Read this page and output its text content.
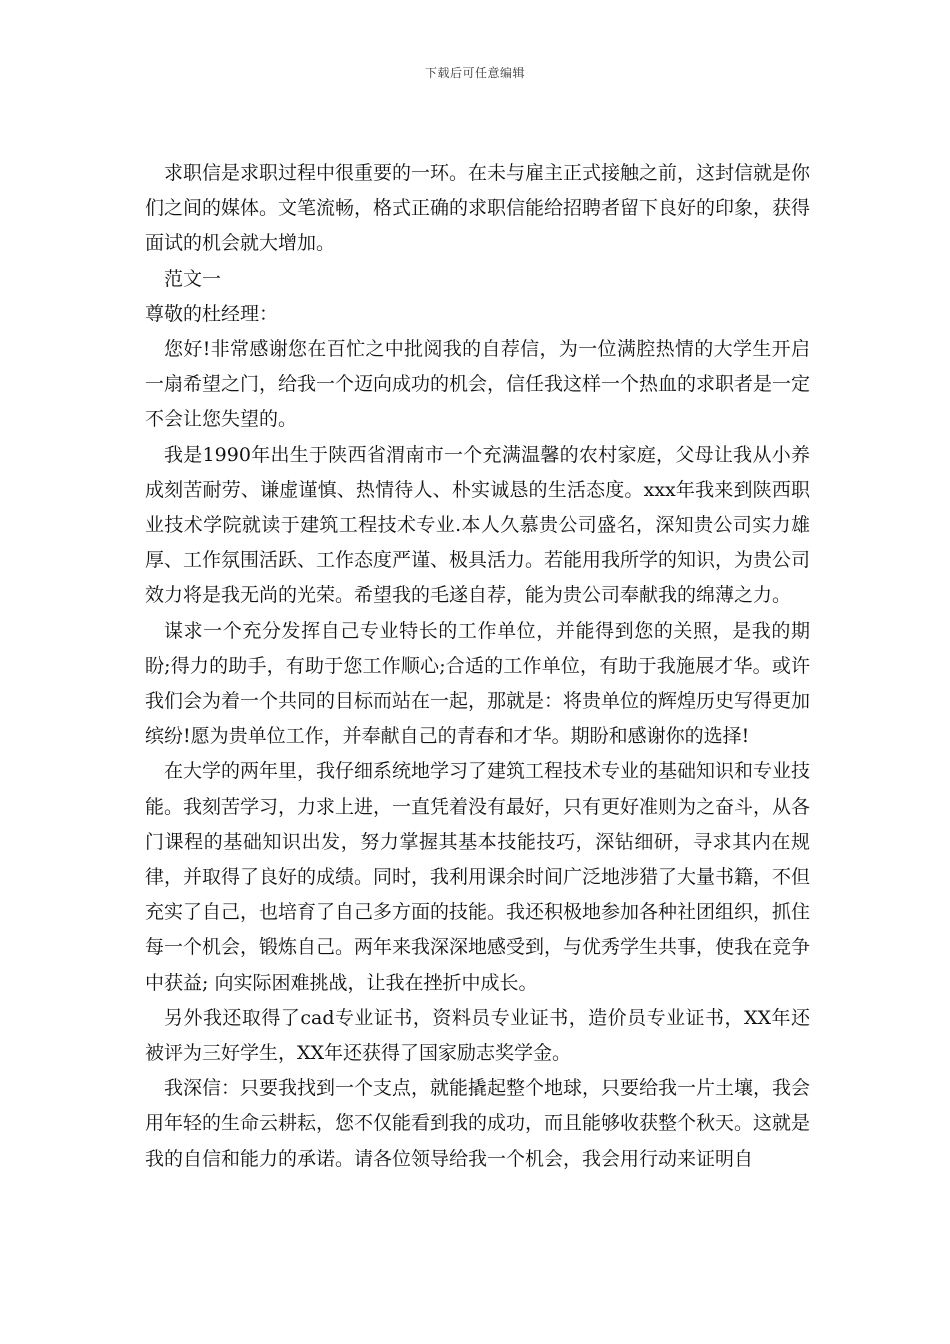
下载后可任意编辑

求职信是求职过程中很重要的一环。在未与雇主正式接触之前，这封信就是你们之间的媒体。文笔流畅，格式正确的求职信能给招聘者留下良好的印象，获得面试的机会就大增加。

范文一

尊敬的杜经理：

您好!非常感谢您在百忙之中批阅我的自荐信，为一位满腔热情的大学生开启一扇希望之门，给我一个迈向成功的机会，信任我这样一个热血的求职者是一定不会让您失望的。

我是1990年出生于陕西省渭南市一个充满温馨的农村家庭，父母让我从小养成刻苦耐劳、谦虚谨慎、热情待人、朴实诚恳的生活态度。xxx年我来到陕西职业技术学院就读于建筑工程技术专业.本人久慕贵公司盛名，深知贵公司实力雄厚、工作氛围活跃、工作态度严谨、极具活力。若能用我所学的知识，为贵公司效力将是我无尚的光荣。希望我的毛遂自荐，能为贵公司奉献我的绵薄之力。

谋求一个充分发挥自己专业特长的工作单位，并能得到您的关照，是我的期盼;得力的助手，有助于您工作顺心;合适的工作单位，有助于我施展才华。或许我们会为着一个共同的目标而站在一起，那就是：将贵单位的辉煌历史写得更加缤纷!愿为贵单位工作，并奉献自己的青春和才华。期盼和感谢你的选择!

在大学的两年里，我仔细系统地学习了建筑工程技术专业的基础知识和专业技能。我刻苦学习，力求上进，一直凭着没有最好，只有更好准则为之奋斗，从各门课程的基础知识出发，努力掌握其基本技能技巧，深钻细研，寻求其内在规律，并取得了良好的成绩。同时，我利用课余时间广泛地涉猎了大量书籍，不但充实了自己，也培育了自己多方面的技能。我还积极地参加各种社团组织，抓住每一个机会，锻炼自己。两年来我深深地感受到，与优秀学生共事，使我在竞争中获益; 向实际困难挑战，让我在挫折中成长。

另外我还取得了cad专业证书，资料员专业证书，造价员专业证书，XX年还被评为三好学生，XX年还获得了国家励志奖学金。

我深信：只要我找到一个支点，就能撬起整个地球，只要给我一片土壤，我会用年轻的生命云耕耘，您不仅能看到我的成功，而且能够收获整个秋天。这就是我的自信和能力的承诺。请各位领导给我一个机会，我会用行动来证明自
